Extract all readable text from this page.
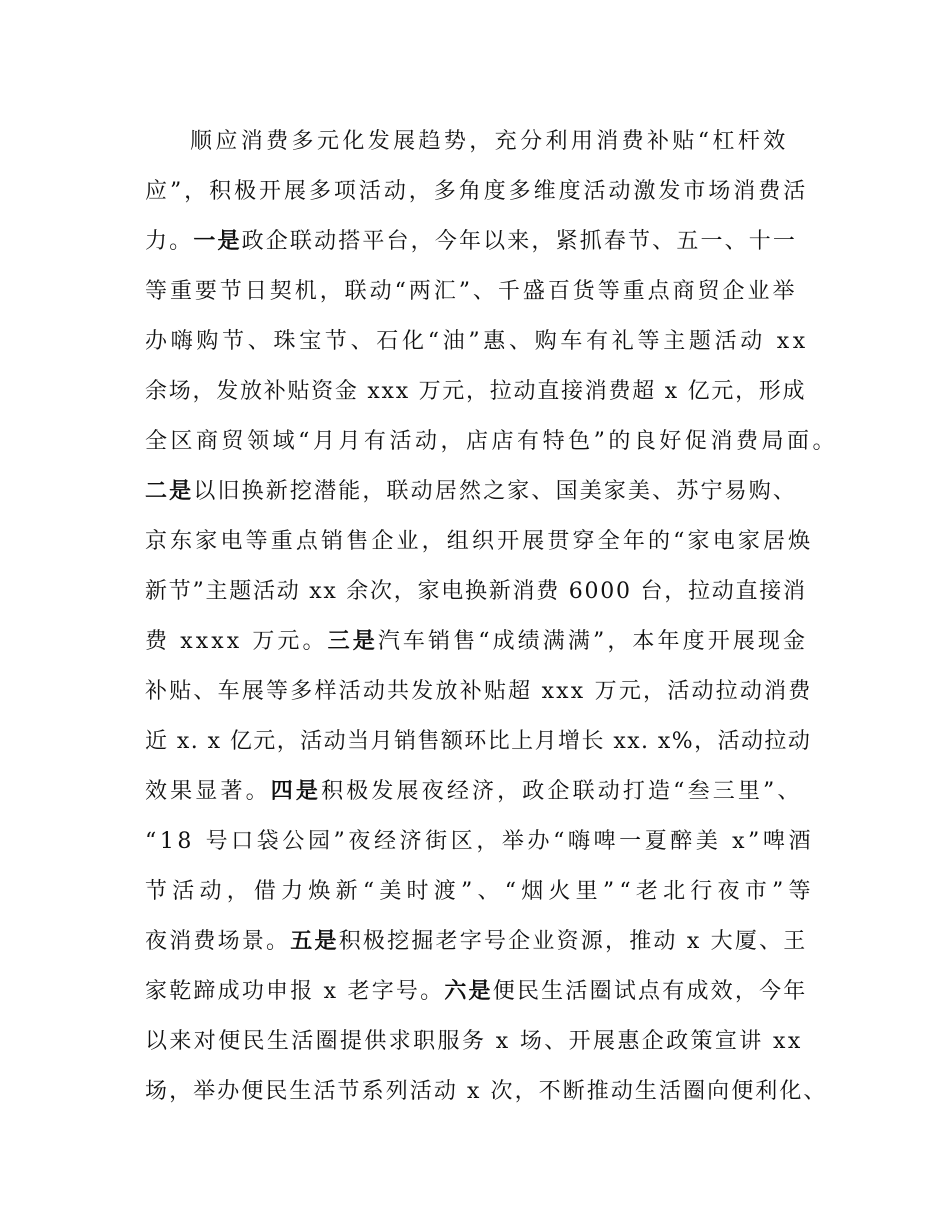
顺应消费多元化发展趋势，充分利用消费补贴“杠杆效
应”，积极开展多项活动，多角度多维度活动激发市场消费活
力。一是政企联动搭平台，今年以来，紧抓春节、五一、十一
等重要节日契机，联动“两汇”、千盛百货等重点商贸企业举
办嗨购节、珠宝节、石化“油”惠、购车有礼等主题活动 xx
余场，发放补贴资金 xxx 万元，拉动直接消费超 x 亿元，形成
全区商贸领域“月月有活动，店店有特色”的良好促消费局面。
二是以旧换新挖潜能，联动居然之家、国美家美、苏宁易购、
京东家电等重点销售企业，组织开展贯穿全年的“家电家居焕
新节”主题活动 xx 余次，家电换新消费 6000 台，拉动直接消
费 xxxx 万元。三是汽车销售“成绩满满”，本年度开展现金
补贴、车展等多样活动共发放补贴超 xxx 万元，活动拉动消费
近 x. x 亿元，活动当月销售额环比上月增长 xx. x%，活动拉动
效果显著。四是积极发展夜经济，政企联动打造“叁三里”、
“18 号口袋公园”夜经济街区，举办“嗨啤一夏醉美 x”啤酒
节活动，借力焕新“美时渡”、“烟火里”“老北行夜市”等
夜消费场景。五是积极挖掘老字号企业资源，推动 x 大厦、王
家乾蹄成功申报 x 老字号。六是便民生活圈试点有成效，今年
以来对便民生活圈提供求职服务 x 场、开展惠企政策宣讲 xx
场，举办便民生活节系列活动 x 次，不断推动生活圈向便利化、
